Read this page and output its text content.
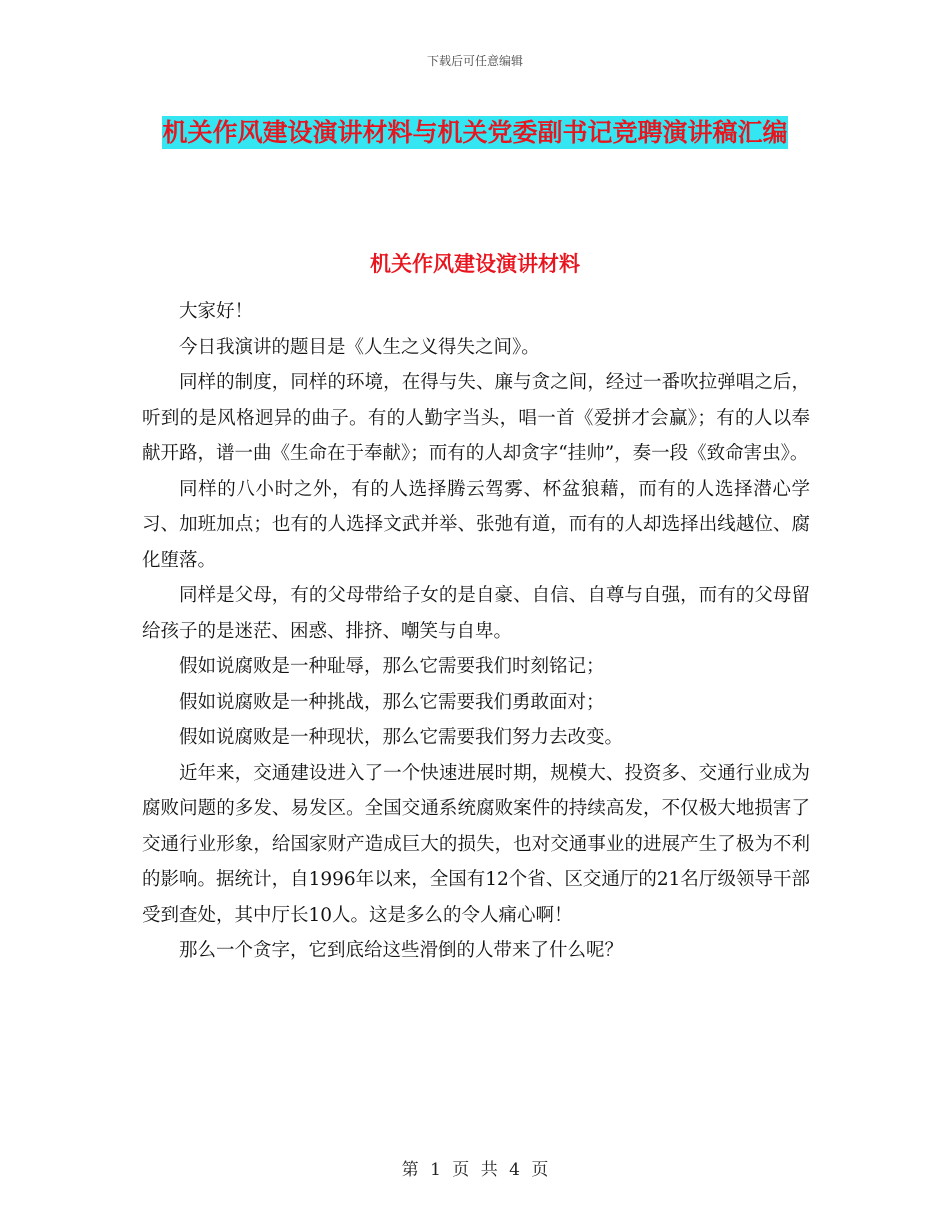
下载后可任意编辑
机关作风建设演讲材料与机关党委副书记竞聘演讲稿汇编
机关作风建设演讲材料

大家好！

今日我演讲的题目是《人生之义得失之间》。

同样的制度，同样的环境，在得与失、廉与贪之间，经过一番吹拉弹唱之后，听到的是风格迥异的曲子。有的人勤字当头，唱一首《爱拼才会赢》；有的人以奉献开路，谱一曲《生命在于奉献》；而有的人却贪字“挂帅”，奏一段《致命害虫》。

同样的八小时之外，有的人选择腾云驾雾、杯盆狼藉，而有的人选择潜心学习、加班加点；也有的人选择文武并举、张弛有道，而有的人却选择出线越位、腐化堕落。

同样是父母，有的父母带给子女的是自豪、自信、自尊与自强，而有的父母留给孩子的是迷茫、困惑、排挤、嘲笑与自卑。

假如说腐败是一种耻辱，那么它需要我们时刻铭记；

假如说腐败是一种挑战，那么它需要我们勇敢面对；

假如说腐败是一种现状，那么它需要我们努力去改变。

近年来，交通建设进入了一个快速进展时期，规模大、投资多、交通行业成为腐败问题的多发、易发区。全国交通系统腐败案件的持续高发，不仅极大地损害了交通行业形象，给国家财产造成巨大的损失，也对交通事业的进展产生了极为不利的影响。据统计，自1996年以来，全国有12个省、区交通厅的21名厅级领导干部受到查处，其中厅长10人。这是多么的令人痛心啊！

那么一个贪字，它到底给这些滑倒的人带来了什么呢？

第 1 页 共 4 页
